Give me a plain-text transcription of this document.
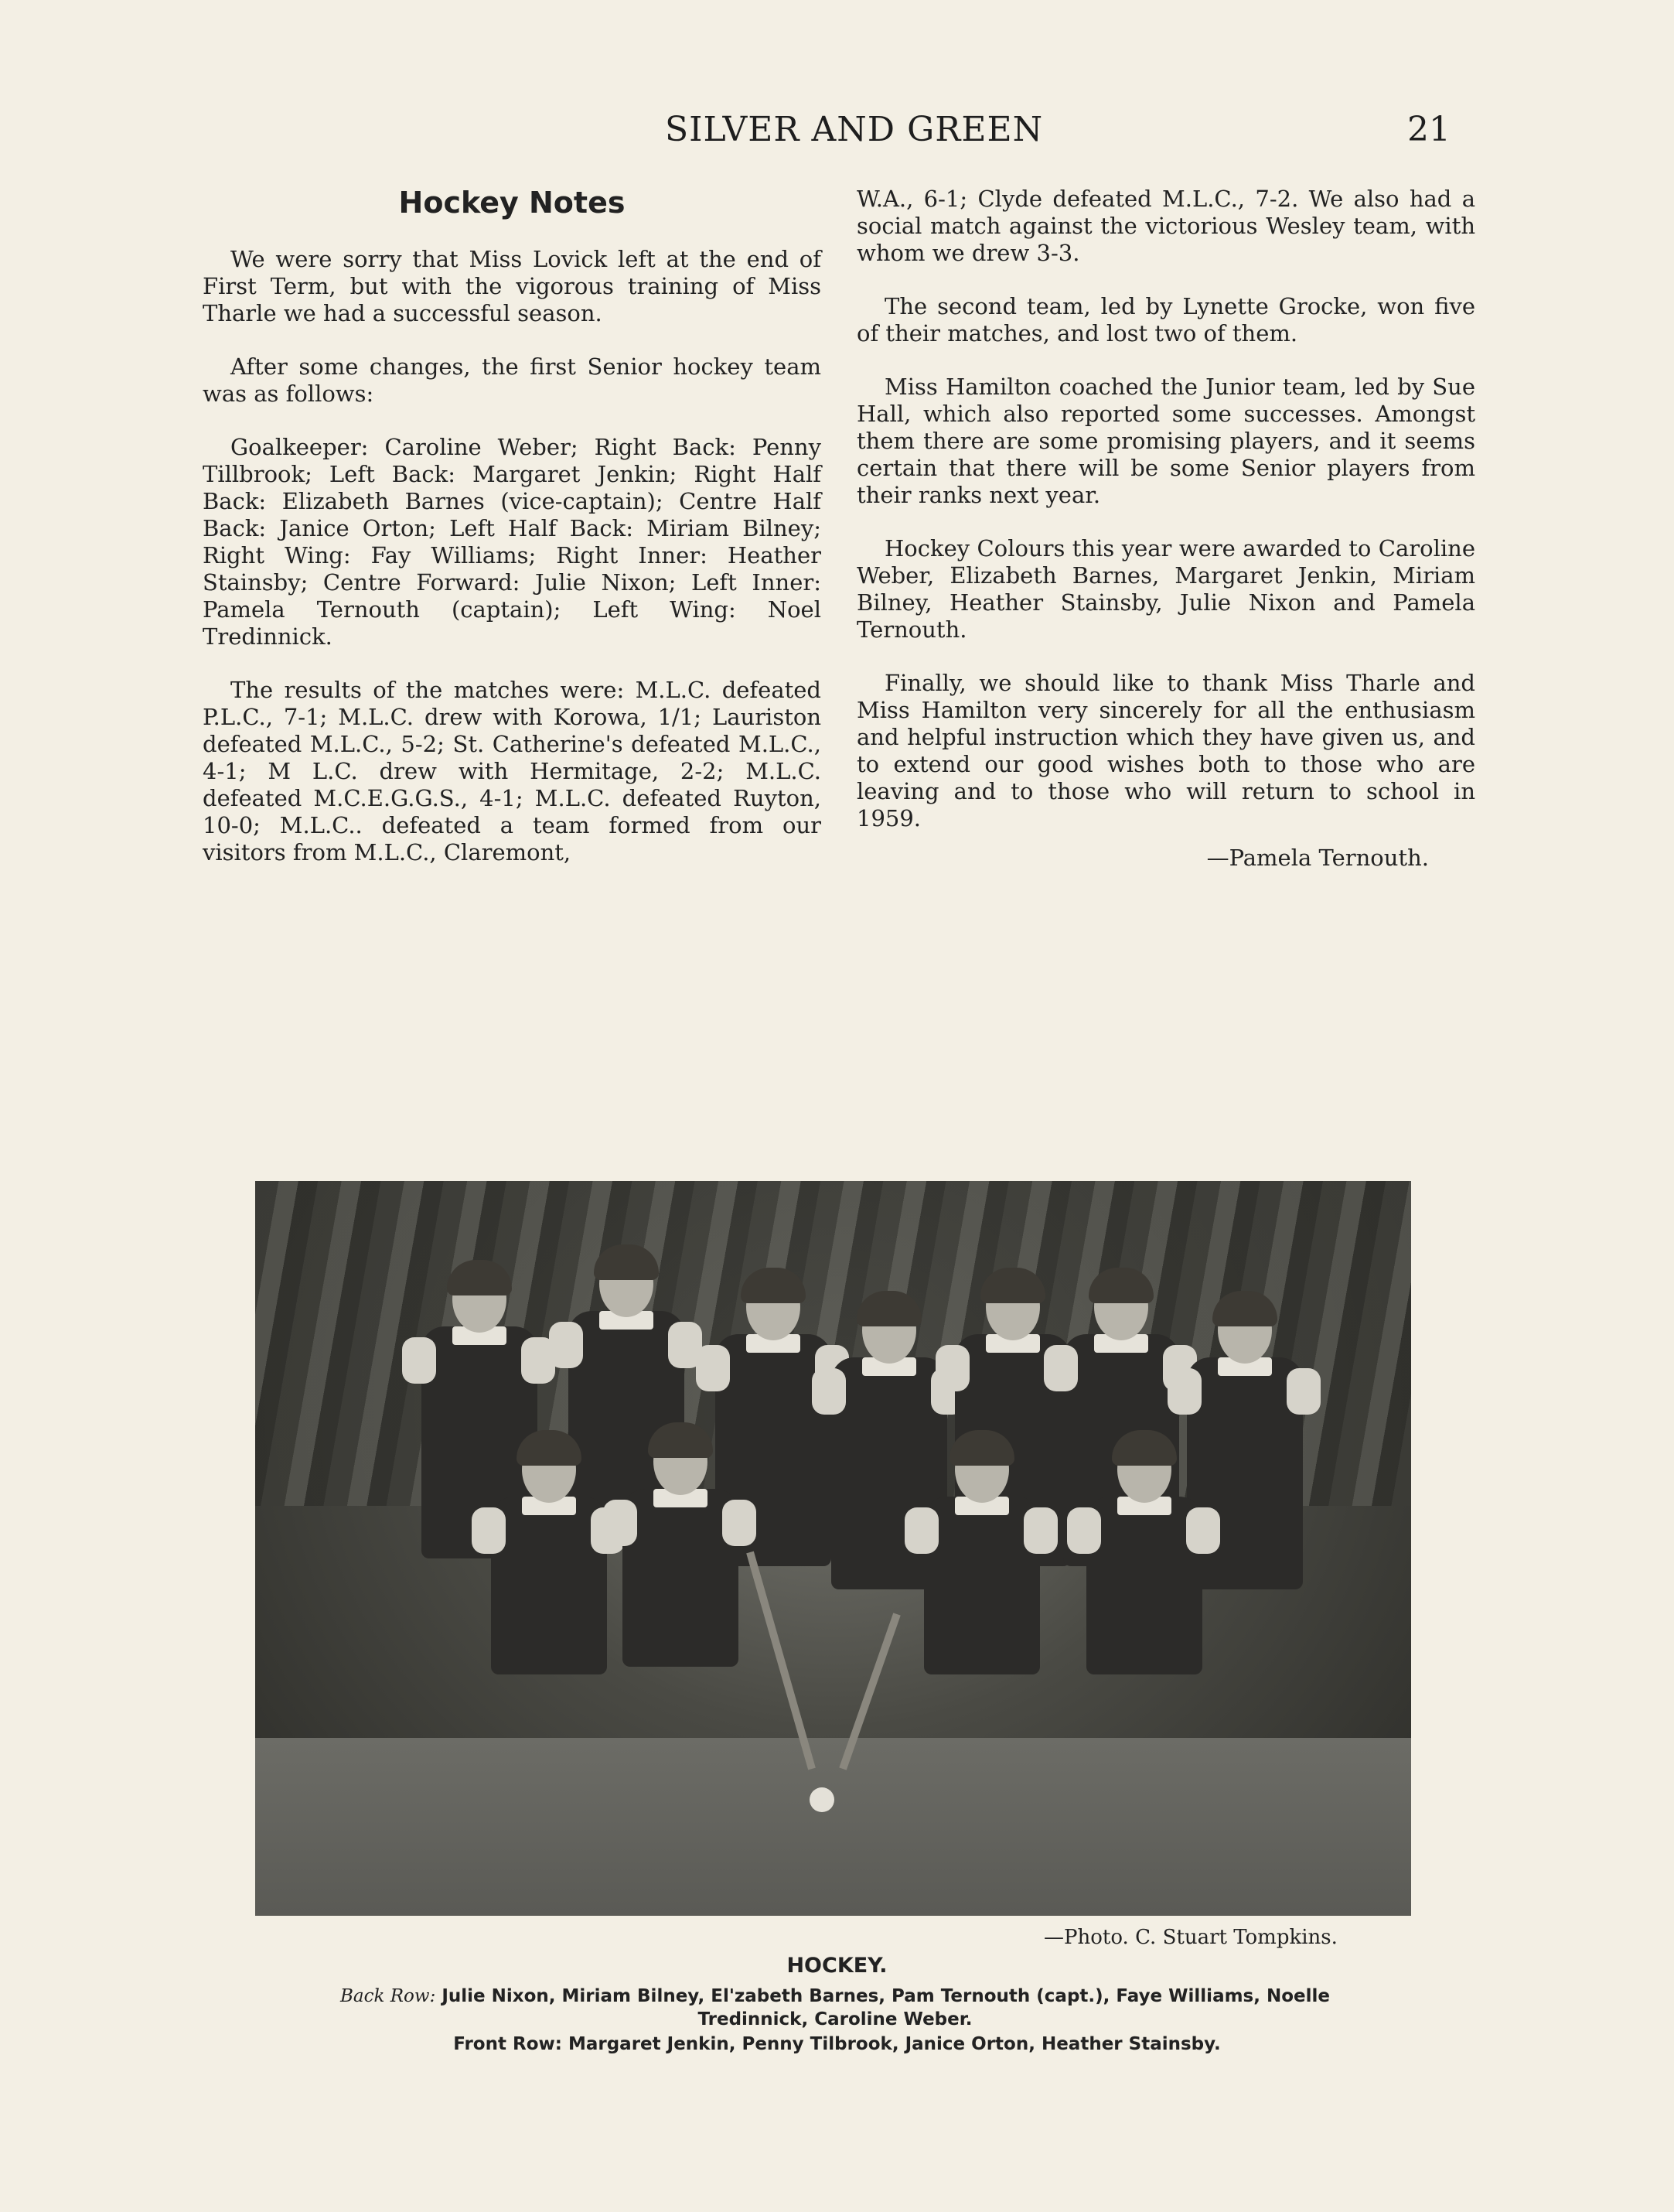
SILVER AND GREEN	21
Hockey Notes

We were sorry that Miss Lovick left at the end of First Term, but with the vigorous training of Miss Tharle we had a successful season.

After some changes, the first Senior hockey team was as follows:

Goalkeeper: Caroline Weber; Right Back: Penny Tillbrook; Left Back: Margaret Jenkin; Right Half Back: Elizabeth Barnes (vice-captain); Centre Half Back: Janice Orton; Left Half Back: Miriam Bilney; Right Wing: Fay Williams; Right Inner: Heather Stainsby; Centre Forward: Julie Nixon; Left Inner: Pamela Ternouth (captain); Left Wing: Noel Tredinnick.

The results of the matches were: M.L.C. defeated P.L.C., 7-1; M.L.C. drew with Korowa, 1/1; Lauriston defeated M.L.C., 5-2; St. Catherine's defeated M.L.C., 4-1; M L.C. drew with Hermitage, 2-2; M.L.C. defeated M.C.E.G.G.S., 4-1; M.L.C. defeated Ruyton, 10-0; M.L.C.. defeated a team formed from our visitors from M.L.C., Claremont,

W.A., 6-1; Clyde defeated M.L.C., 7-2. We also had a social match against the victorious Wesley team, with whom we drew 3-3.

The second team, led by Lynette Grocke, won five of their matches, and lost two of them.

Miss Hamilton coached the Junior team, led by Sue Hall, which also reported some successes. Amongst them there are some promising players, and it seems certain that there will be some Senior players from their ranks next year.

Hockey Colours this year were awarded to Caroline Weber, Elizabeth Barnes, Margaret Jenkin, Miriam Bilney, Heather Stainsby, Julie Nixon and Pamela Ternouth.

Finally, we should like to thank Miss Tharle and Miss Hamilton very sincerely for all the enthusiasm and helpful instruction which they have given us, and to extend our good wishes both to those who are leaving and to those who will return to school in 1959.

—Pamela Ternouth.
—Photo. C. Stuart Tompkins.
HOCKEY.
Back Row: Julie Nixon, Miriam Bilney, El'zabeth Barnes, Pam Ternouth (capt.), Faye Williams, Noelle Tredinnick, Caroline Weber.
Front Row: Margaret Jenkin, Penny Tilbrook, Janice Orton, Heather Stainsby.
